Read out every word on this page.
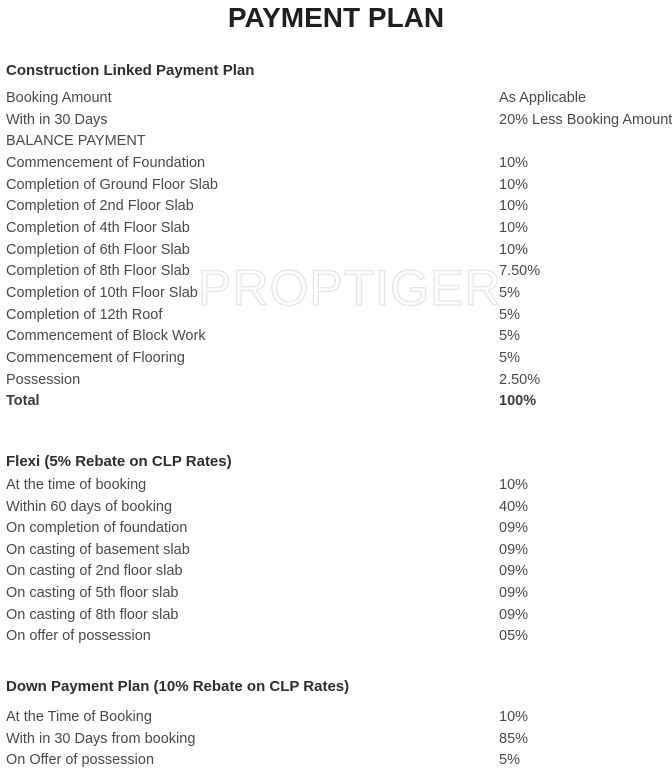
PROPTIGER
PAYMENT PLAN
Construction Linked Payment Plan
Booking Amount	As Applicable
With in 30 Days	20% Less Booking Amount
BALANCE PAYMENT
Commencement of Foundation	10%
Completion of Ground Floor Slab	10%
Completion of 2nd Floor Slab	10%
Completion of 4th Floor Slab	10%
Completion of 6th Floor Slab	10%
Completion of 8th Floor Slab	7.50%
Completion of 10th Floor Slab	5%
Completion of 12th Roof	5%
Commencement of Block Work	5%
Commencement of Flooring	5%
Possession	2.50%
Total	100%
Flexi (5% Rebate on CLP Rates)
At the time of booking	10%
Within 60 days of booking	40%
On completion of foundation	09%
On casting of basement slab	09%
On casting of 2nd floor slab	09%
On casting of 5th floor slab	09%
On casting of 8th floor slab	09%
On offer of possession	05%
Down Payment Plan (10% Rebate on CLP Rates)
At the Time of Booking	10%
With in 30 Days from booking	85%
On Offer of possession	5%
